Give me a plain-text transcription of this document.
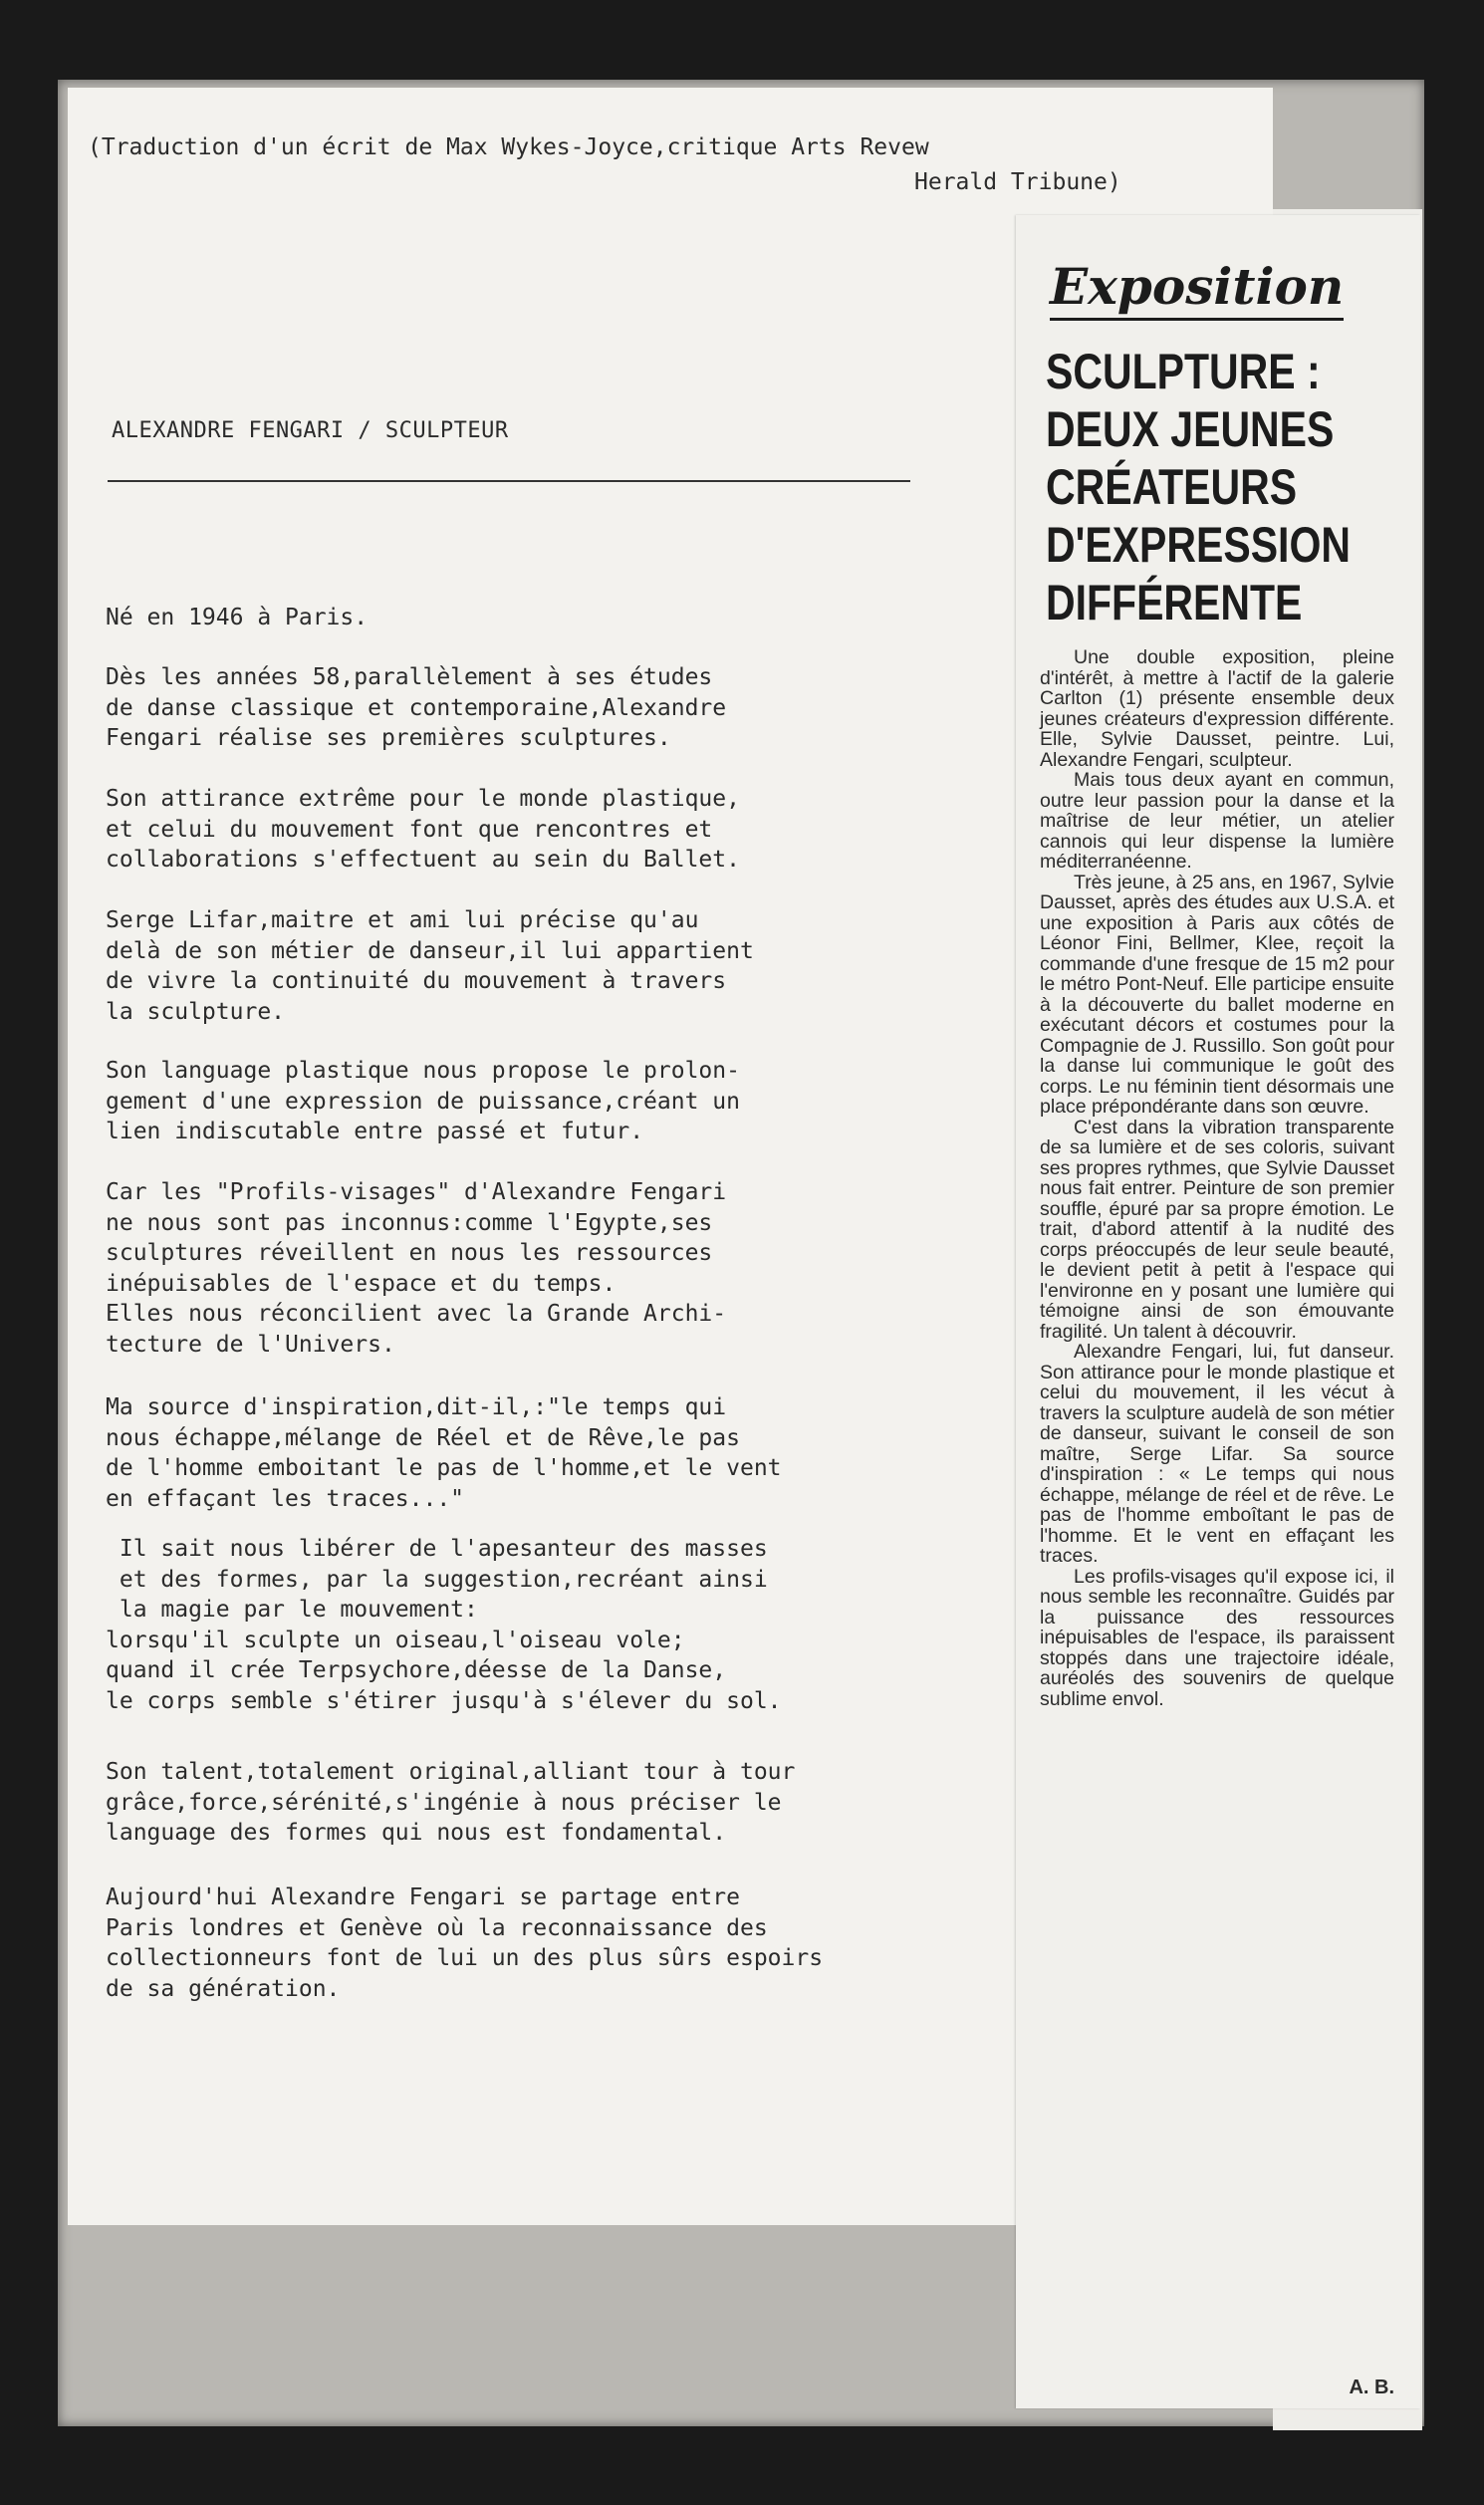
(Traduction d'un écrit de Max Wykes-Joyce,critique Arts Revew
Herald Tribune)
ALEXANDRE FENGARI / SCULPTEUR
Né en 1946 à Paris.
Dès les années 58,parallèlement à ses études
de danse classique et contemporaine,Alexandre
Fengari réalise ses premières sculptures.
Son attirance extrême pour le monde plastique,
et celui du mouvement font que rencontres et
collaborations s'effectuent au sein du Ballet.
Serge Lifar,maitre et ami lui précise qu'au
delà de son métier de danseur,il lui appartient
de vivre la continuité du mouvement à travers
la sculpture.
Son language plastique nous propose le prolon-
gement d'une expression de puissance,créant un
lien indiscutable entre passé et futur.
Car les "Profils-visages" d'Alexandre Fengari
ne nous sont pas inconnus:comme l'Egypte,ses
sculptures réveillent en nous les ressources
inépuisables de l'espace et du temps.
Elles nous réconcilient avec la Grande Archi-
tecture de l'Univers.
Ma source d'inspiration,dit-il,:"le temps qui
nous échappe,mélange de Réel et de Rêve,le pas
de l'homme emboitant le pas de l'homme,et le vent
en effaçant les traces..."
Il sait nous libérer de l'apesanteur des masses
et des formes, par la suggestion,recréant ainsi
la magie par le mouvement:
lorsqu'il sculpte un oiseau,l'oiseau vole;
quand il crée Terpsychore,déesse de la Danse,
le corps semble s'étirer jusqu'à s'élever du sol.
Son talent,totalement original,alliant tour à tour
grâce,force,sérénité,s'ingénie à nous préciser le
language des formes qui nous est fondamental.
Aujourd'hui Alexandre Fengari se partage entre
Paris londres et Genève où la reconnaissance des
collectionneurs font de lui un des plus sûrs espoirs
de sa génération.
Exposition
SCULPTURE :
DEUX JEUNES
CRÉATEURS
D'EXPRESSION
DIFFÉRENTE

Une double exposition, pleine d'intérêt, à mettre à l'actif de la galerie Carlton (1) présente ensemble deux jeunes créateurs d'expression différente. Elle, Sylvie Dausset, peintre. Lui, Alexandre Fengari, sculpteur.

Mais tous deux ayant en commun, outre leur passion pour la danse et la maîtrise de leur métier, un atelier cannois qui leur dispense la lumière méditerranéenne.

Très jeune, à 25 ans, en 1967, Sylvie Dausset, après des études aux U.S.A. et une exposition à Paris aux côtés de Léonor Fini, Bellmer, Klee, reçoit la commande d'une fresque de 15 m2 pour le métro Pont-Neuf. Elle participe ensuite à la découverte du ballet moderne en exécutant décors et costumes pour la Compagnie de J. Russillo. Son goût pour la danse lui communique le goût des corps. Le nu féminin tient désormais une place prépondérante dans son œuvre.

C'est dans la vibration transparente de sa lumière et de ses coloris, suivant ses propres rythmes, que Sylvie Dausset nous fait entrer. Peinture de son premier souffle, épuré par sa propre émotion. Le trait, d'abord attentif à la nudité des corps préoccupés de leur seule beauté, le devient petit à petit à l'espace qui l'environne en y posant une lumière qui témoigne ainsi de son émouvante fragilité. Un talent à découvrir.

Alexandre Fengari, lui, fut danseur. Son attirance pour le monde plastique et celui du mouvement, il les vécut à travers la sculpture audelà de son métier de danseur, suivant le conseil de son maître, Serge Lifar. Sa source d'inspiration : « Le temps qui nous échappe, mélange de réel et de rêve. Le pas de l'homme emboîtant le pas de l'homme. Et le vent en effaçant les traces.

Les profils-visages qu'il expose ici, il nous semble les reconnaître. Guidés par la puissance des ressources inépuisables de l'espace, ils paraissent stoppés dans une trajectoire idéale, auréolés des souvenirs de quelque sublime envol.

A. B.
